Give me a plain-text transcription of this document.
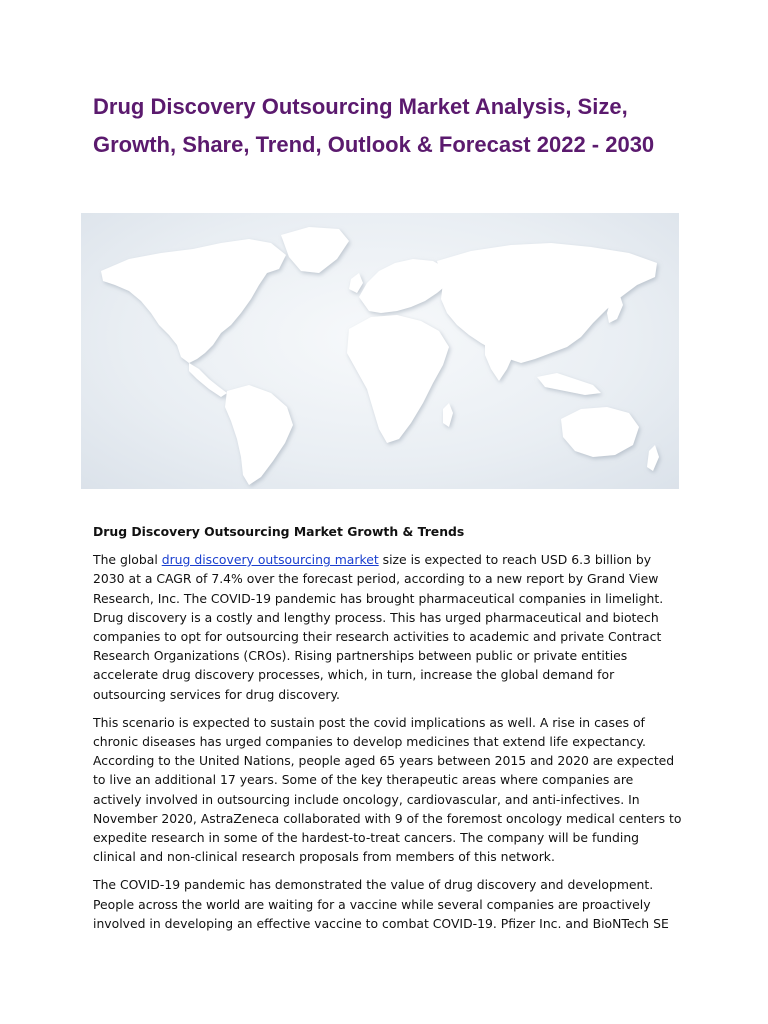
Drug Discovery Outsourcing Market Analysis, Size, Growth, Share, Trend, Outlook & Forecast 2022 - 2030
Drug Discovery Outsourcing Market Growth & Trends

The global drug discovery outsourcing market size is expected to reach USD 6.3 billion by 2030 at a CAGR of 7.4% over the forecast period, according to a new report by Grand View Research, Inc. The COVID-19 pandemic has brought pharmaceutical companies in limelight. Drug discovery is a costly and lengthy process. This has urged pharmaceutical and biotech companies to opt for outsourcing their research activities to academic and private Contract Research Organizations (CROs). Rising partnerships between public or private entities accelerate drug discovery processes, which, in turn, increase the global demand for outsourcing services for drug discovery.

This scenario is expected to sustain post the covid implications as well. A rise in cases of chronic diseases has urged companies to develop medicines that extend life expectancy. According to the United Nations, people aged 65 years between 2015 and 2020 are expected to live an additional 17 years. Some of the key therapeutic areas where companies are actively involved in outsourcing include oncology, cardiovascular, and anti-infectives. In November 2020, AstraZeneca collaborated with 9 of the foremost oncology medical centers to expedite research in some of the hardest-to-treat cancers. The company will be funding clinical and non-clinical research proposals from members of this network.

The COVID-19 pandemic has demonstrated the value of drug discovery and development. People across the world are waiting for a vaccine while several companies are proactively involved in developing an effective vaccine to combat COVID-19. Pfizer Inc. and BioNTech SE
